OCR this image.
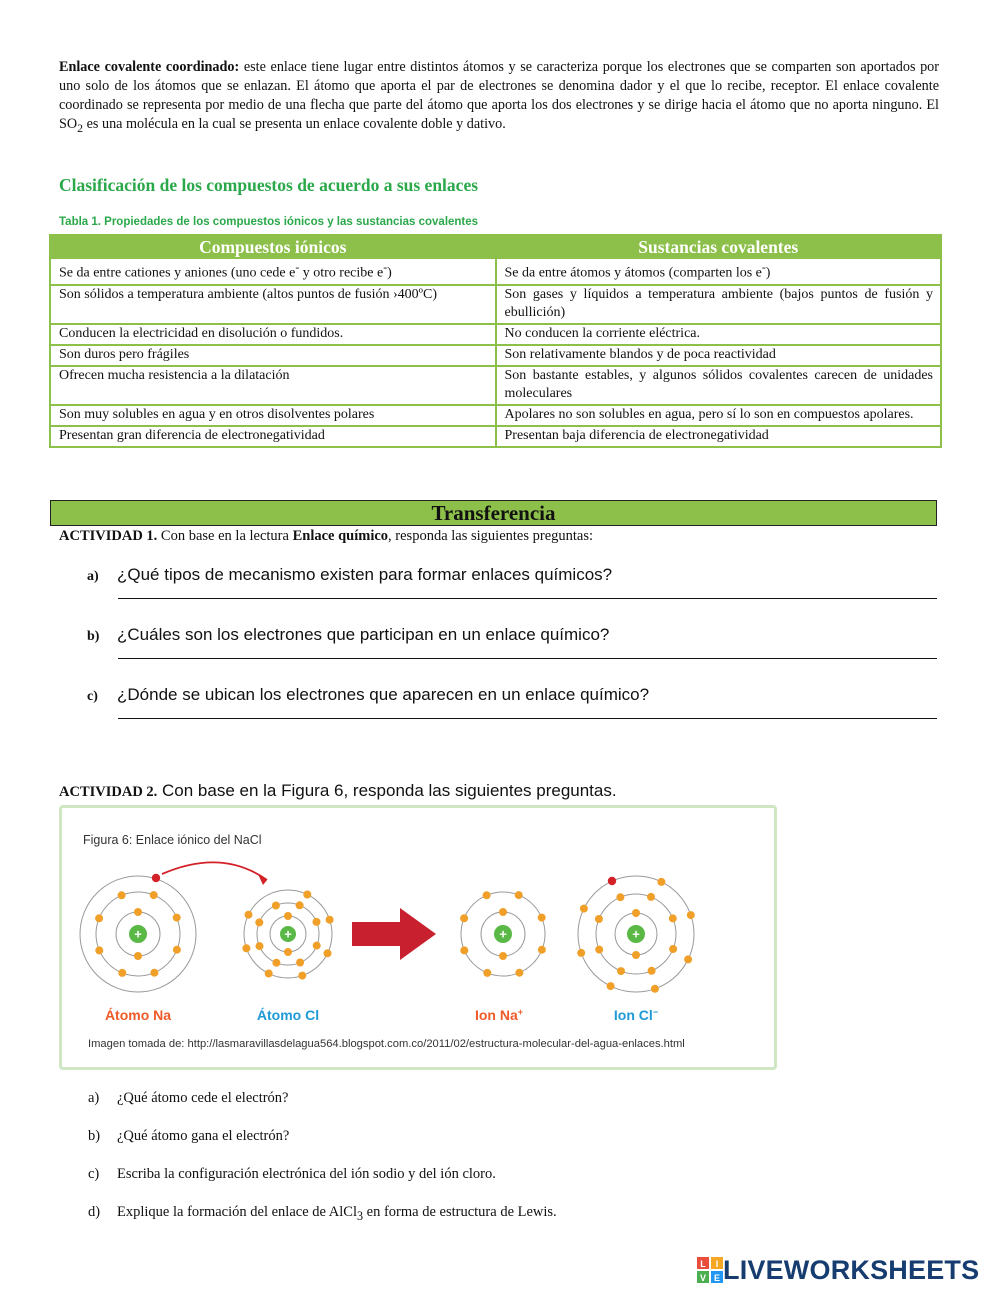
Enlace covalente coordinado: este enlace tiene lugar entre distintos átomos y se caracteriza porque los electrones que se comparten son aportados por uno solo de los átomos que se enlazan. El átomo que aporta el par de electrones se denomina dador y el que lo recibe, receptor. El enlace covalente coordinado se representa por medio de una flecha que parte del átomo que aporta los dos electrones y se dirige hacia el átomo que no aporta ninguno. El $SO_2$ es una molécula en la cual se presenta un enlace covalente doble y dativo.

Clasificación de los compuestos de acuerdo a sus enlaces

Tabla 1. Propiedades de los compuestos iónicos y las sustancias covalentes

Compuestos iónicos	Sustancias covalentes
Se da entre cationes y aniones (uno cede e- y otro recibe e-)	Se da entre átomos y átomos (comparten los e-)
Son sólidos a temperatura ambiente (altos puntos de fusión ›400ºC)	Son gases y líquidos a temperatura ambiente (bajos puntos de fusión y ebullición)
Conducen la electricidad en disolución o fundidos.	No conducen la corriente eléctrica.
Son duros pero frágiles	Son relativamente blandos y de poca reactividad
Ofrecen mucha resistencia a la dilatación	Son bastante estables, y algunos sólidos covalentes carecen de unidades moleculares
Son muy solubles en agua y en otros disolventes polares	Apolares no son solubles en agua, pero sí lo son en compuestos apolares.
Presentan gran diferencia de electronegatividad	Presentan baja diferencia de electronegatividad
Transferencia

ACTIVIDAD 1. Con base en la lectura Enlace químico, responda las siguientes preguntas:

a) ¿Qué tipos de mecanismo existen para formar enlaces químicos?
b) ¿Cuáles son los electrones que participan en un enlace químico?
c) ¿Dónde se ubican los electrones que aparecen en un enlace químico?

ACTIVIDAD 2. Con base en la Figura 6, responda las siguientes preguntas.

Figura 6: Enlace iónico del NaCl
+	+	+	+
Átomo Na	Átomo Cl	Ion Na+	Ion Cl−
Imagen tomada de: http://lasmaravillasdelagua564.blogspot.com.co/2011/02/estructura-molecular-del-agua-enlaces.html
a) ¿Qué átomo cede el electrón?
b) ¿Qué átomo gana el electrón?
c) Escriba la configuración electrónica del ión sodio y del ión cloro.
d) Explique la formación del enlace de AlCl$_3$ en forma de estructura de Lewis.
L I
V E LIVEWORKSHEETS
